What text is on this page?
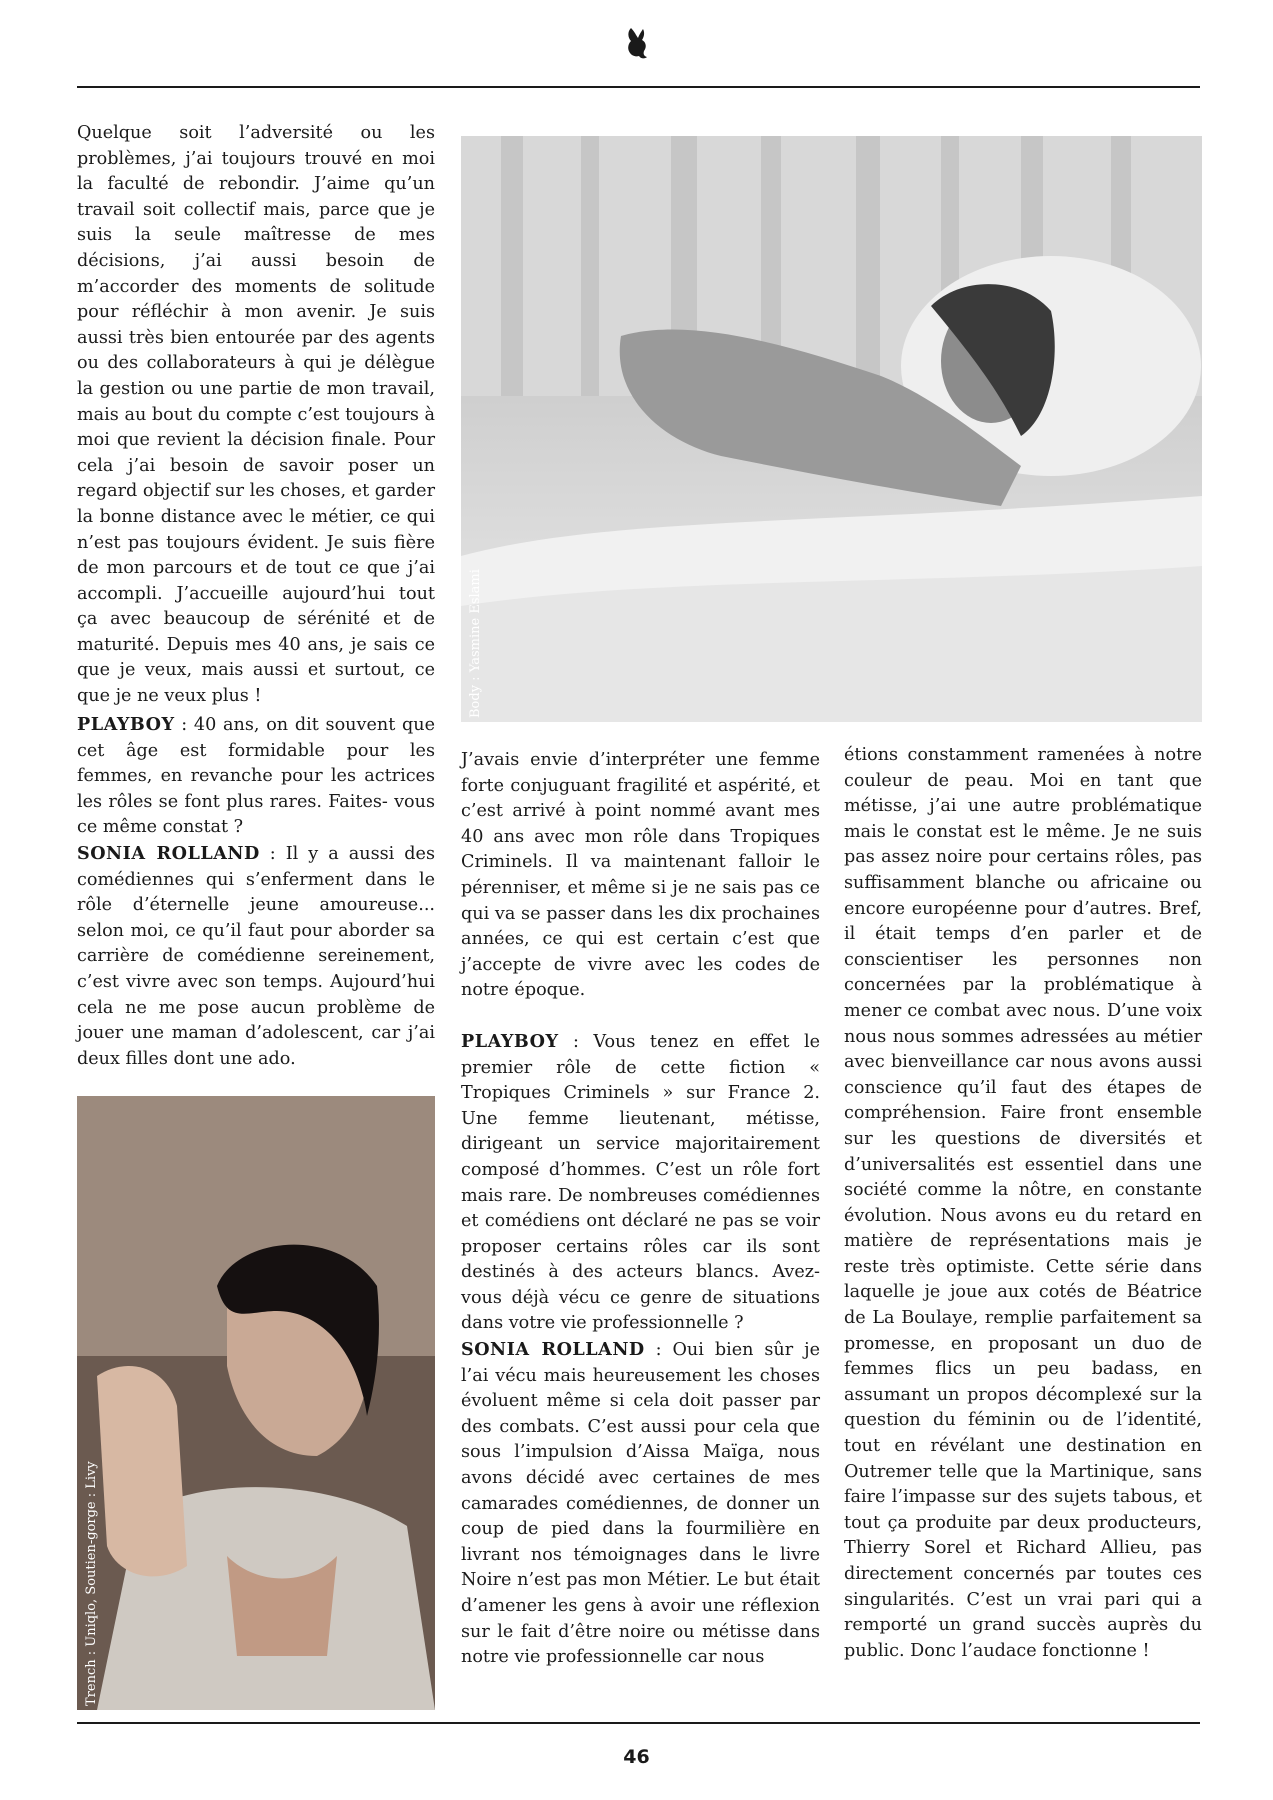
Quelque soit l’adversité ou les problèmes, j’ai toujours trouvé en moi la faculté de rebondir. J’aime qu’un travail soit collectif mais, parce que je suis la seule maîtresse de mes décisions, j’ai aussi besoin de m’accorder des moments de solitude pour réfléchir à mon avenir. Je suis aussi très bien entourée par des agents ou des collaborateurs à qui je délègue la gestion ou une partie de mon travail, mais au bout du compte c’est toujours à moi que revient la décision finale. Pour cela j’ai besoin de savoir poser un regard objectif sur les choses, et garder la bonne distance avec le métier, ce qui n’est pas toujours évident. Je suis fière de mon parcours et de tout ce que j’ai accompli. J’accueille aujourd’hui tout ça avec beaucoup de sérénité et de maturité. Depuis mes 40 ans, je sais ce que je veux, mais aussi et surtout, ce que je ne veux plus !

PLAYBOY : 40 ans, on dit souvent que cet âge est formidable pour les femmes, en revanche pour les actrices les rôles se font plus rares. Faites- vous ce même constat ?

SONIA ROLLAND : Il y a aussi des comédiennes qui s’enferment dans le rôle d’éternelle jeune amoureuse... selon moi, ce qu’il faut pour aborder sa carrière de comédienne sereinement, c’est vivre avec son temps. Aujourd’hui cela ne me pose aucun problème de jouer une maman d’adolescent, car j’ai deux filles dont une ado.

Body : Yasmine Eslami

J’avais envie d’interpréter une femme forte conjuguant fragilité et aspérité, et c’est arrivé à point nommé avant mes 40 ans avec mon rôle dans Tropiques Criminels. Il va maintenant falloir le pérenniser, et même si je ne sais pas ce qui va se passer dans les dix prochaines années, ce qui est certain c’est que j’accepte de vivre avec les codes de notre époque.

PLAYBOY : Vous tenez en effet le premier rôle de cette fiction « Tropiques Criminels » sur France 2. Une femme lieutenant, métisse, dirigeant un service majoritairement composé d’hommes. C’est un rôle fort mais rare. De nombreuses comédiennes et comédiens ont déclaré ne pas se voir proposer certains rôles car ils sont destinés à des acteurs blancs. Avez-vous déjà vécu ce genre de situations dans votre vie professionnelle ?

SONIA ROLLAND : Oui bien sûr je l’ai vécu mais heureusement les choses évoluent même si cela doit passer par des combats. C’est aussi pour cela que sous l’impulsion d’Aissa Maïga, nous avons décidé avec certaines de mes camarades comédiennes, de donner un coup de pied dans la fourmilière en livrant nos témoignages dans le livre Noire n’est pas mon Métier. Le but était d’amener les gens à avoir une réflexion sur le fait d’être noire ou métisse dans notre vie professionnelle car nous

étions constamment ramenées à notre couleur de peau. Moi en tant que métisse, j’ai une autre problématique mais le constat est le même. Je ne suis pas assez noire pour certains rôles, pas suffisamment blanche ou africaine ou encore européenne pour d’autres. Bref, il était temps d’en parler et de conscientiser les personnes non concernées par la problématique à mener ce combat avec nous. D’une voix nous nous sommes adressées au métier avec bienveillance car nous avons aussi conscience qu’il faut des étapes de compréhension. Faire front ensemble sur les questions de diversités et d’universalités est essentiel dans une société comme la nôtre, en constante évolution. Nous avons eu du retard en matière de représentations mais je reste très optimiste. Cette série dans laquelle je joue aux cotés de Béatrice de La Boulaye, remplie parfaitement sa promesse, en proposant un duo de femmes flics un peu badass, en assumant un propos décomplexé sur la question du féminin ou de l’identité, tout en révélant une destination en Outremer telle que la Martinique, sans faire l’impasse sur des sujets tabous, et tout ça produite par deux producteurs, Thierry Sorel et Richard Allieu, pas directement concernés par toutes ces singularités. C’est un vrai pari qui a remporté un grand succès auprès du public. Donc l’audace fonctionne !

Trench : Uniqlo, Soutien-gorge : Livy
46
